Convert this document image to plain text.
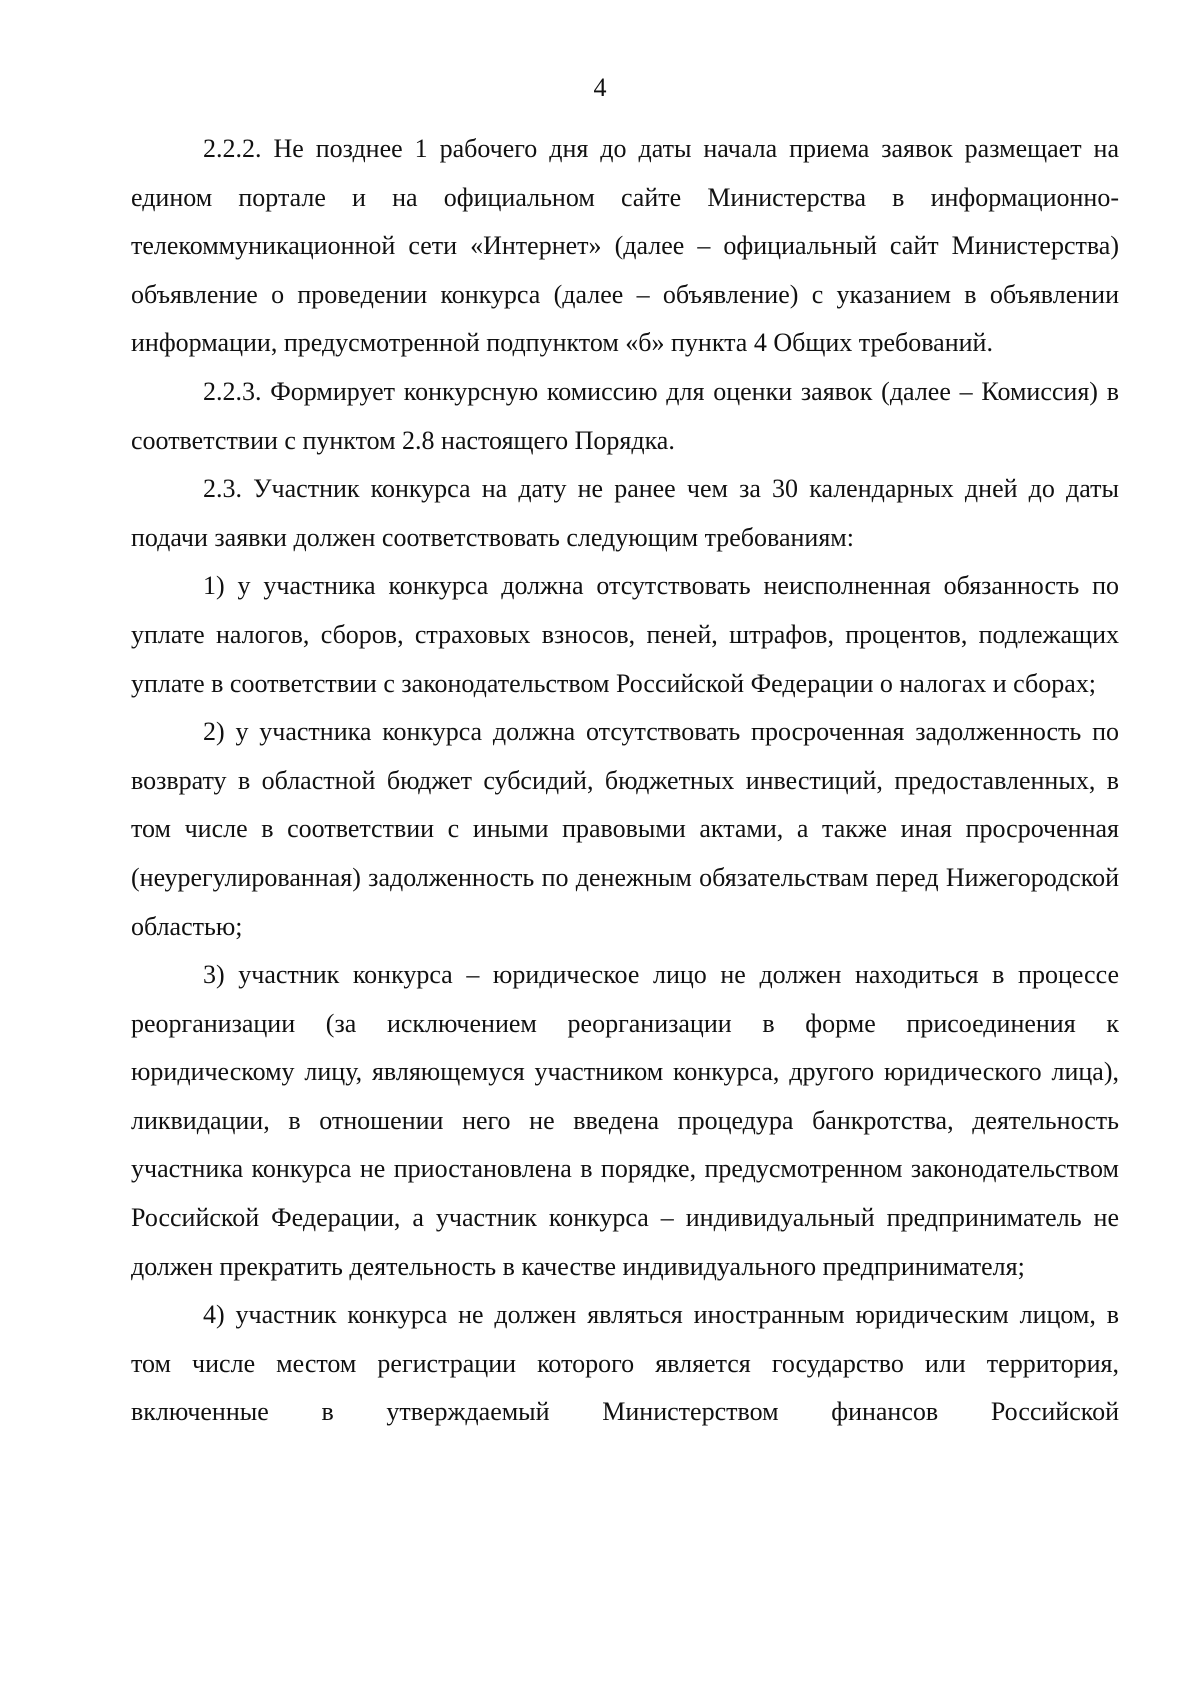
4

2.2.2. Не позднее 1 рабочего дня до даты начала приема заявок размещает на едином портале и на официальном сайте Министерства в информационно-телекоммуникационной сети «Интернет» (далее – официальный сайт Министерства) объявление о проведении конкурса (далее – объявление) с указанием в объявлении информации, предусмотренной подпунктом «б» пункта 4 Общих требований.

2.2.3. Формирует конкурсную комиссию для оценки заявок (далее – Комиссия) в соответствии с пунктом 2.8 настоящего Порядка.

2.3. Участник конкурса на дату не ранее чем за 30 календарных дней до даты подачи заявки должен соответствовать следующим требованиям:

1) у участника конкурса должна отсутствовать неисполненная обязанность по уплате налогов, сборов, страховых взносов, пеней, штрафов, процентов, подлежащих уплате в соответствии с законодательством Российской Федерации о налогах и сборах;

2) у участника конкурса должна отсутствовать просроченная задолженность по возврату в областной бюджет субсидий, бюджетных инвестиций, предоставленных, в том числе в соответствии с иными правовыми актами, а также иная просроченная (неурегулированная) задолженность по денежным обязательствам перед Нижегородской областью;

3) участник конкурса – юридическое лицо не должен находиться в процессе реорганизации (за исключением реорганизации в форме присоединения к юридическому лицу, являющемуся участником конкурса, другого юридического лица), ликвидации, в отношении него не введена процедура банкротства, деятельность участника конкурса не приостановлена в порядке, предусмотренном законодательством Российской Федерации, а участник конкурса – индивидуальный предприниматель не должен прекратить деятельность в качестве индивидуального предпринимателя;

4) участник конкурса не должен являться иностранным юридическим лицом, в том числе местом регистрации которого является государство или территория, включенные в утверждаемый Министерством финансов Российской
